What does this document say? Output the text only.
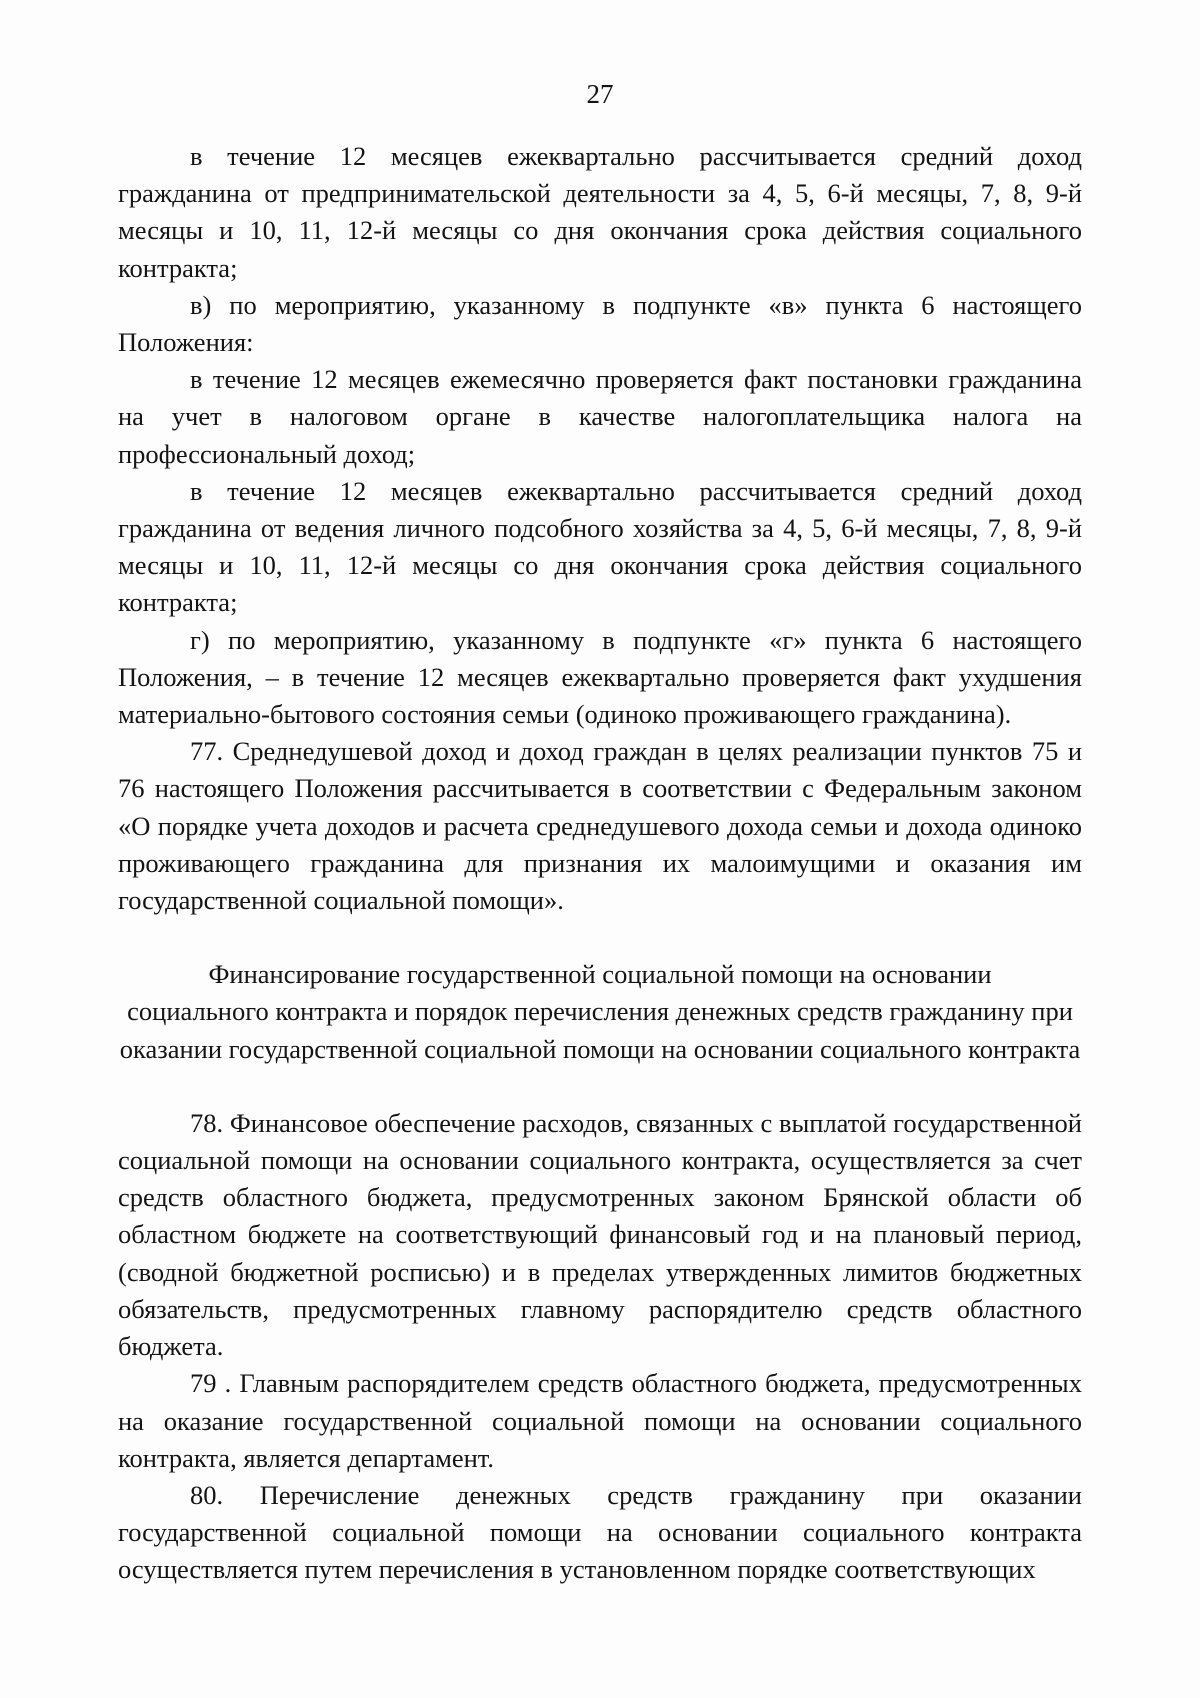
27

в течение 12 месяцев ежеквартально рассчитывается средний доход гражданина от предпринимательской деятельности за 4, 5, 6-й месяцы, 7, 8, 9-й месяцы и 10, 11, 12-й месяцы со дня окончания срока действия социального контракта;

в) по мероприятию, указанному в подпункте «в» пункта 6 настоящего Положения:

в течение 12 месяцев ежемесячно проверяется факт постановки гражданина на учет в налоговом органе в качестве налогоплательщика налога на профессиональный доход;

в течение 12 месяцев ежеквартально рассчитывается средний доход гражданина от ведения личного подсобного хозяйства за 4, 5, 6-й месяцы, 7, 8, 9-й месяцы и 10, 11, 12-й месяцы со дня окончания срока действия социального контракта;

г) по мероприятию, указанному в подпункте «г» пункта 6 настоящего Положения, – в течение 12 месяцев ежеквартально проверяется факт ухудшения материально-бытового состояния семьи (одиноко проживающего гражданина).

77. Среднедушевой доход и доход граждан в целях реализации пунктов 75 и 76 настоящего Положения рассчитывается в соответствии с Федеральным законом «О порядке учета доходов и расчета среднедушевого дохода семьи и дохода одиноко проживающего гражданина для признания их малоимущими и оказания им государственной социальной помощи».

Финансирование государственной социальной помощи на основании
социального контракта и порядок перечисления денежных средств гражданину при
оказании государственной социальной помощи на основании социального контракта

78. Финансовое обеспечение расходов, связанных с выплатой государственной социальной помощи на основании социального контракта, осуществляется за счет средств областного бюджета, предусмотренных законом Брянской области об областном бюджете на соответствующий финансовый год и на плановый период, (сводной бюджетной росписью) и в пределах утвержденных лимитов бюджетных обязательств, предусмотренных главному распорядителю средств областного бюджета.

79 . Главным распорядителем средств областного бюджета, предусмотренных на оказание государственной социальной помощи на основании социального контракта, является департамент.

80. Перечисление денежных средств гражданину при оказании государственной социальной помощи на основании социального контракта осуществляется путем перечисления в установленном порядке соответствующих
